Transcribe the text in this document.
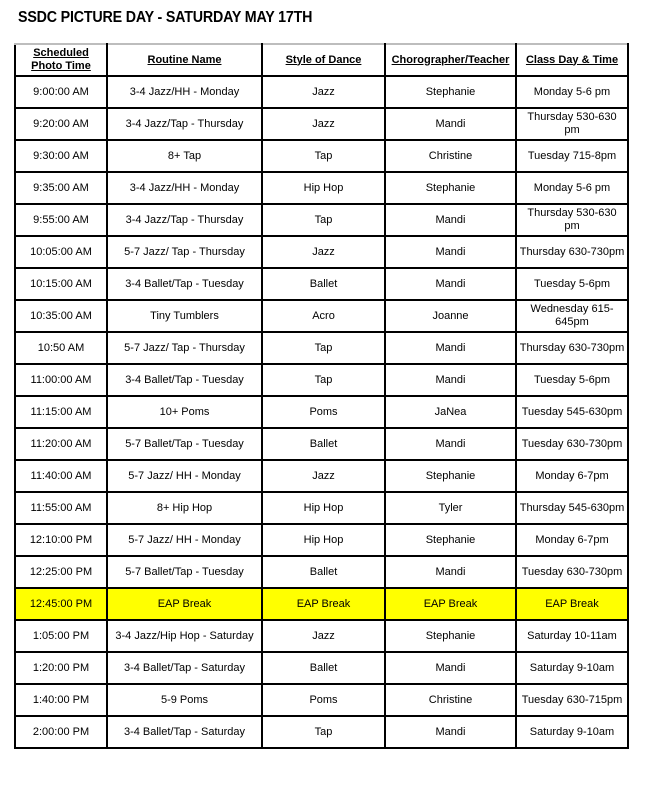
SSDC PICTURE DAY - SATURDAY MAY 17TH
Scheduled Photo Time	Routine Name	Style of Dance	Chorographer/Teacher	Class Day & Time
9:00:00 AM	3-4 Jazz/HH - Monday	Jazz	Stephanie	Monday 5-6 pm
9:20:00 AM	3-4 Jazz/Tap - Thursday	Jazz	Mandi	Thursday 530-630 pm
9:30:00 AM	8+ Tap	Tap	Christine	Tuesday 715-8pm
9:35:00 AM	3-4 Jazz/HH - Monday	Hip Hop	Stephanie	Monday 5-6 pm
9:55:00 AM	3-4 Jazz/Tap - Thursday	Tap	Mandi	Thursday 530-630 pm
10:05:00 AM	5-7 Jazz/ Tap - Thursday	Jazz	Mandi	Thursday 630-730pm
10:15:00 AM	3-4 Ballet/Tap - Tuesday	Ballet	Mandi	Tuesday 5-6pm
10:35:00 AM	Tiny Tumblers	Acro	Joanne	Wednesday 615-645pm
10:50 AM	5-7 Jazz/ Tap - Thursday	Tap	Mandi	Thursday 630-730pm
11:00:00 AM	3-4 Ballet/Tap - Tuesday	Tap	Mandi	Tuesday 5-6pm
11:15:00 AM	10+ Poms	Poms	JaNea	Tuesday 545-630pm
11:20:00 AM	5-7 Ballet/Tap - Tuesday	Ballet	Mandi	Tuesday 630-730pm
11:40:00 AM	5-7 Jazz/ HH - Monday	Jazz	Stephanie	Monday 6-7pm
11:55:00 AM	8+ Hip Hop	Hip Hop	Tyler	Thursday 545-630pm
12:10:00 PM	5-7 Jazz/ HH - Monday	Hip Hop	Stephanie	Monday 6-7pm
12:25:00 PM	5-7 Ballet/Tap - Tuesday	Ballet	Mandi	Tuesday 630-730pm
12:45:00 PM	EAP Break	EAP Break	EAP Break	EAP Break
1:05:00 PM	3-4 Jazz/Hip Hop - Saturday	Jazz	Stephanie	Saturday 10-11am
1:20:00 PM	3-4 Ballet/Tap - Saturday	Ballet	Mandi	Saturday 9-10am
1:40:00 PM	5-9 Poms	Poms	Christine	Tuesday 630-715pm
2:00:00 PM	3-4 Ballet/Tap - Saturday	Tap	Mandi	Saturday 9-10am
